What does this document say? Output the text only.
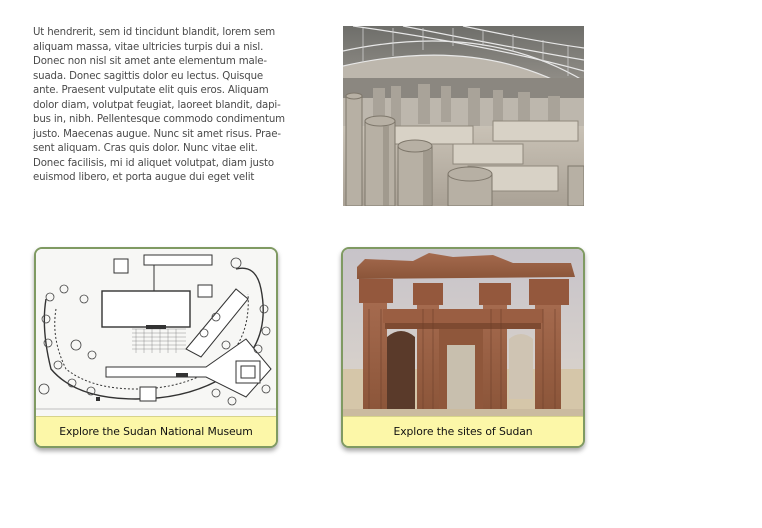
Ut hendrerit, sem id tincidunt blandit, lorem sem aliquam massa, vitae ultricies turpis dui a nisl. Donec non nisl sit amet ante elementum male-suada. Donec sagittis dolor eu lectus. Quisque ante. Praesent vulputate elit quis eros. Aliquam dolor diam, volutpat feugiat, laoreet blandit, dapi-bus in, nibh. Pellentesque commodo condimentum justo. Maecenas augue. Nunc sit amet risus. Prae-sent aliquam. Cras quis dolor. Nunc vitae elit. Donec facilisis, mi id aliquet volutpat, diam justo euismod libero, et porta augue dui eget velit
Explore the Sudan National Museum	Explore the sites of Sudan
